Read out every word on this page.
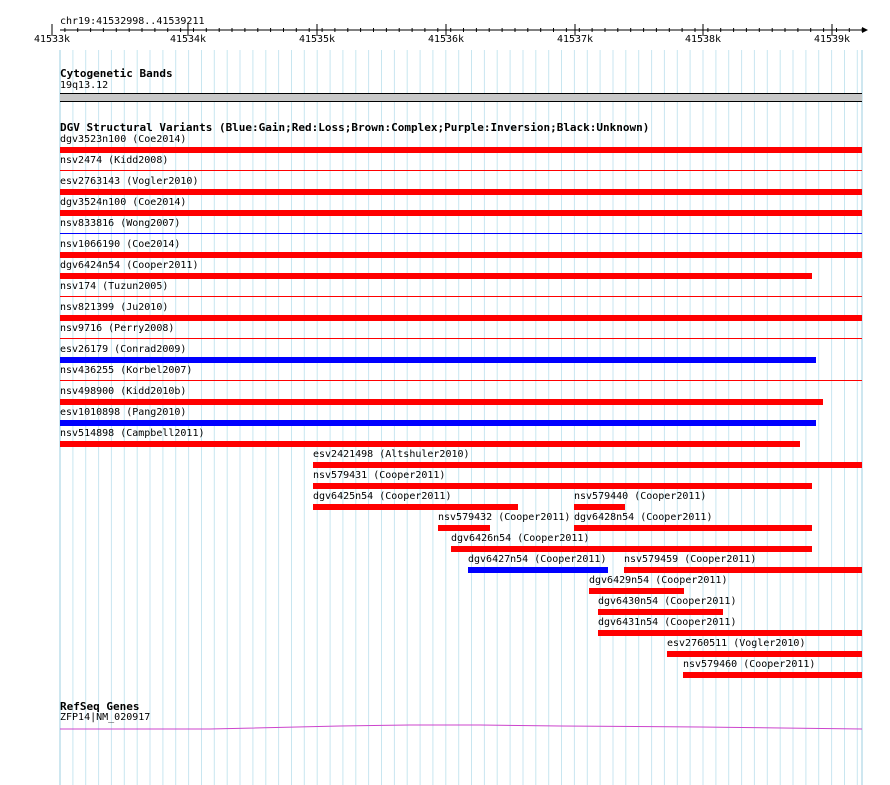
chr19:41532998..41539211
41533k	41534k	41535k	41536k	41537k	41538k	41539k
Cytogenetic Bands
19q13.12
DGV Structural Variants (Blue:Gain;Red:Loss;Brown:Complex;Purple:Inversion;Black:Unknown)
dgv3523n100 (Coe2014)
nsv2474 (Kidd2008)
esv2763143 (Vogler2010)
dgv3524n100 (Coe2014)
nsv833816 (Wong2007)
nsv1066190 (Coe2014)
dgv6424n54 (Cooper2011)
nsv174 (Tuzun2005)
nsv821399 (Ju2010)
nsv9716 (Perry2008)
esv26179 (Conrad2009)
nsv436255 (Korbel2007)
nsv498900 (Kidd2010b)
esv1010898 (Pang2010)
nsv514898 (Campbell2011)
esv2421498 (Altshuler2010)
nsv579431 (Cooper2011)
dgv6425n54 (Cooper2011)	nsv579440 (Cooper2011)
nsv579432 (Cooper2011) dgv6428n54 (Cooper2011)
dgv6426n54 (Cooper2011)
dgv6427n54 (Cooper2011) nsv579459 (Cooper2011)
dgv6429n54 (Cooper2011)
dgv6430n54 (Cooper2011)
dgv6431n54 (Cooper2011)
esv2760511 (Vogler2010)
nsv579460 (Cooper2011)
RefSeq Genes
ZFP14|NM_020917
